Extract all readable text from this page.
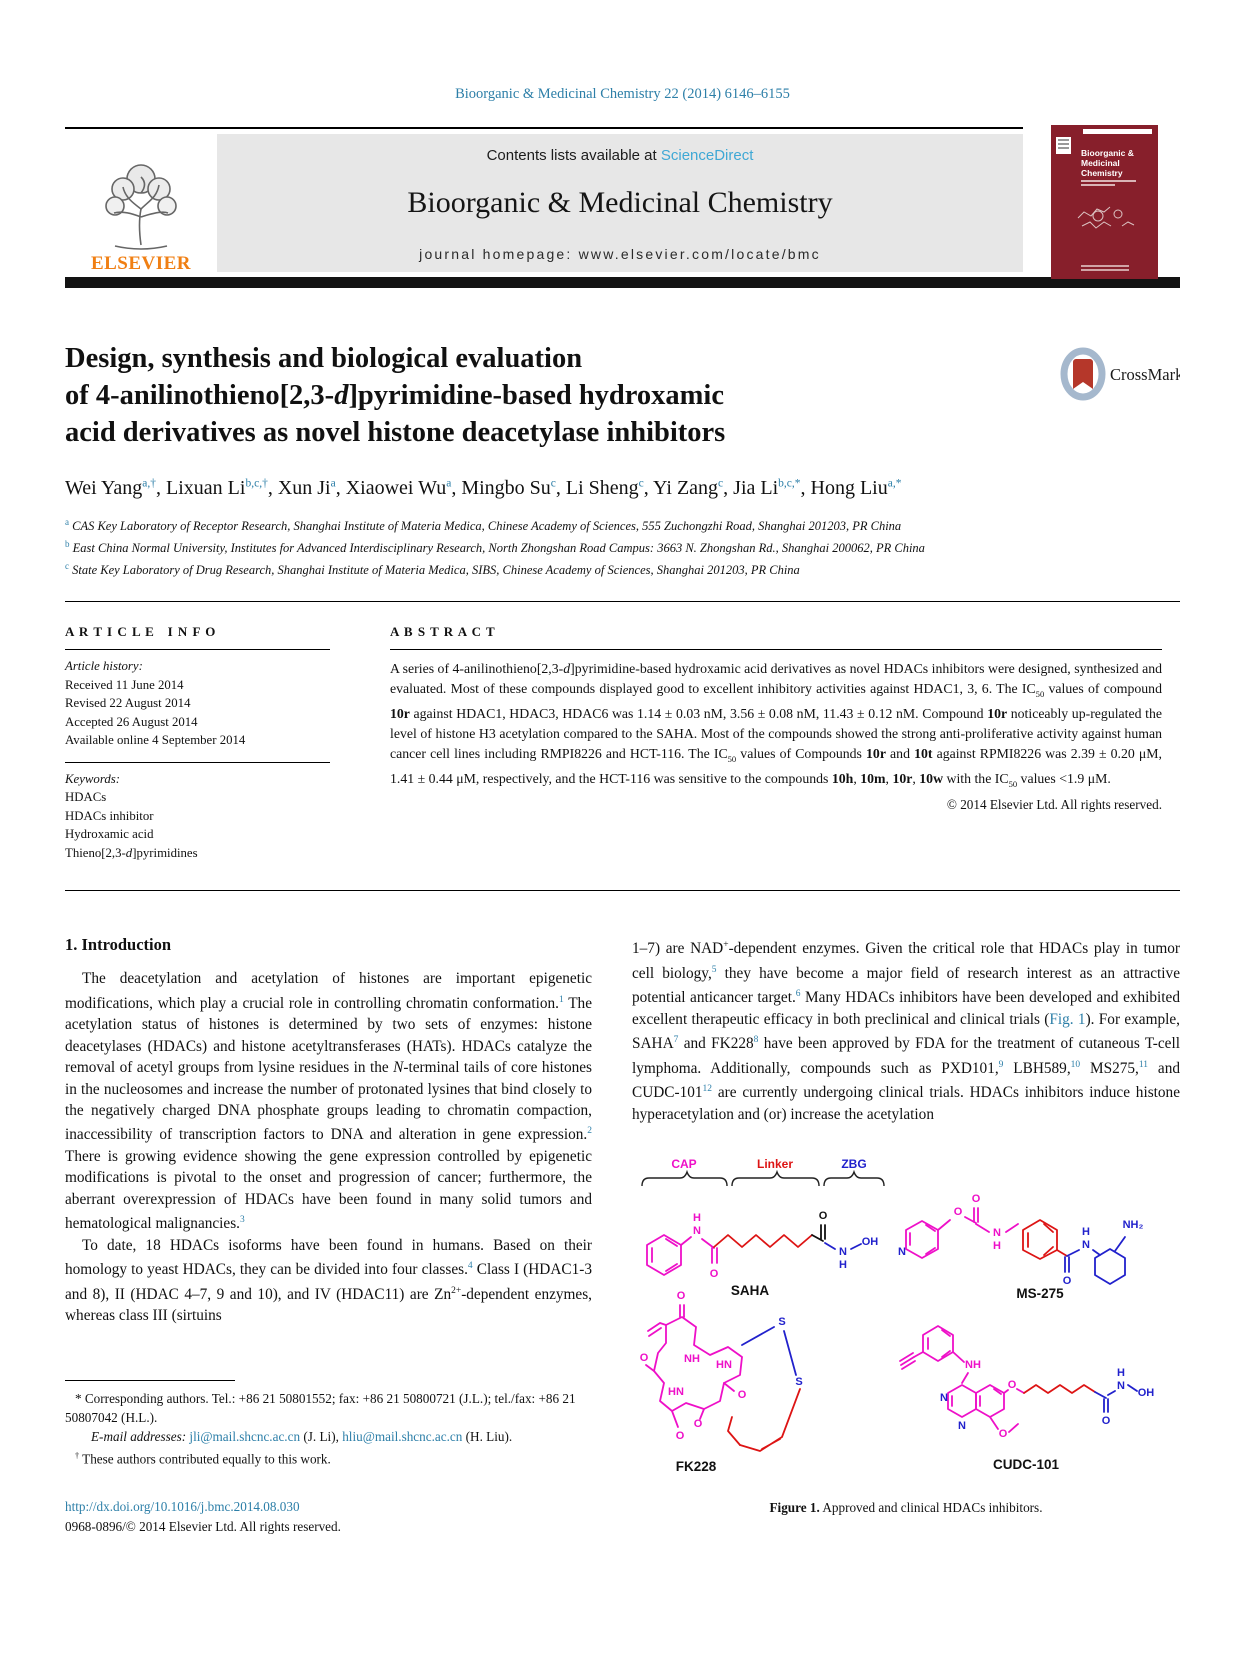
Bioorganic & Medicinal Chemistry 22 (2014) 6146–6155
ELSEVIER
Contents lists available at ScienceDirect
Bioorganic & Medicinal Chemistry
journal homepage: www.elsevier.com/locate/bmc
Bioorganic & Medicinal Chemistry
Design, synthesis and biological evaluation
of 4-anilinothieno[2,3-d]pyrimidine-based hydroxamic
acid derivatives as novel histone deacetylase inhibitors
CrossMark
Wei Yang$^{a,\dagger}$, Lixuan $Li^{b,c,\dagger}$, Xun Ji$^a$, Xiaowei Wu$^a$, Mingbo Su$^c$, Li Sheng$^c$, Yi Zang$^c$, Jia $Li^{b,c,*}$, Hong Liu$^{a,*}$
$^a$ CAS Key Laboratory of Receptor Research, Shanghai Institute of Materia Medica, Chinese Academy of Sciences, 555 Zuchongzhi Road, Shanghai 201203, PR China
$^b$ East China Normal University, Institutes for Advanced Interdisciplinary Research, North Zhongshan Road Campus: 3663 N. Zhongshan Rd., Shanghai 200062, PR China
$^c$ State Key Laboratory of Drug Research, Shanghai Institute of Materia Medica, SIBS, Chinese Academy of Sciences, Shanghai 201203, PR China
A R T I C L E   I N F O
Article history:
Received 11 June 2014
Revised 22 August 2014
Accepted 26 August 2014
Available online 4 September 2014
Keywords:
HDACs
HDACs inhibitor
Hydroxamic acid
Thieno[2,3-d]pyrimidines
A B S T R A C T
A series of 4-anilinothieno[2,3-d]pyrimidine-based hydroxamic acid derivatives as novel HDACs inhibitors were designed, synthesized and evaluated. Most of these compounds displayed good to excellent inhibitory activities against HDAC1, 3, 6. The $IC_{50}$ values of compound 10r against HDAC1, HDAC3, HDAC6 was 1.14 ± 0.03 nM, 3.56 ± 0.08 nM, 11.43 ± 0.12 nM. Compound 10r noticeably up-regulated the level of histone H3 acetylation compared to the SAHA. Most of the compounds showed the strong anti-proliferative activity against human cancer cell lines including RMPI8226 and HCT-116. The $IC_{50}$ values of Compounds 10r and 10t against RPMI8226 was 2.39 ± 0.20 μM, 1.41 ± 0.44 μM, respectively, and the HCT-116 was sensitive to the compounds 10h, 10m, 10r, 10w with the $IC_{50}$ values <1.9 μM.
© 2014 Elsevier Ltd. All rights reserved.
1. Introduction

The deacetylation and acetylation of histones are important epigenetic modifications, which play a crucial role in controlling chromatin conformation.$^1$ The acetylation status of histones is determined by two sets of enzymes: histone deacetylases (HDACs) and histone acetyltransferases (HATs). HDACs catalyze the removal of acetyl groups from lysine residues in the N-terminal tails of core histones in the nucleosomes and increase the number of protonated lysines that bind closely to the negatively charged DNA phosphate groups leading to chromatin compaction, inaccessibility of transcription factors to DNA and alteration in gene expression.$^2$ There is growing evidence showing the gene expression controlled by epigenetic modifications is pivotal to the onset and progression of cancer; furthermore, the aberrant overexpression of HDACs have been found in many solid tumors and hematological malignancies.$^3$

To date, 18 HDACs isoforms have been found in humans. Based on their homology to yeast HDACs, they can be divided into four classes.$^4$ Class I (HDAC1-3 and 8), II (HDAC 4–7, 9 and 10), and IV (HDAC11) are $Zn^{2+}$-dependent enzymes, whereas class III (sirtuins

* Corresponding authors. Tel.: +86 21 50801552; fax: +86 21 50800721 (J.L.); tel./fax: +86 21 50807042 (H.L.).
E-mail addresses: jli@mail.shcnc.ac.cn (J. Li), hliu@mail.shcnc.ac.cn (H. Liu).
† These authors contributed equally to this work.
http://dx.doi.org/10.1016/j.bmc.2014.08.030
0968-0896/© 2014 Elsevier Ltd. All rights reserved.

1–7) are NAD+-dependent enzymes. Given the critical role that HDACs play in tumor cell biology,$^5$ they have become a major field of research interest as an attractive potential anticancer target.$^6$ Many HDACs inhibitors have been developed and exhibited excellent therapeutic efficacy in both preclinical and clinical trials (Fig. 1). For example, SAHA$^7$ and FK228$^8$ have been approved by FDA for the treatment of cutaneous T-cell lymphoma. Additionally, compounds such as PXD101,$^9$ LBH589,10 MS275,11 and CUDC-101$^{12}$ are currently undergoing clinical trials. HDACs inhibitors induce histone hyperacetylation and (or) increase the acetylation

CAP	Linker	ZBG
SAHA	MS-275
FK228	CUDC-101
H
N
O
O
N
H
OH
N
O
O
N
H
O
H
N
NH₂
O
NH HN
O
HN
O
O
O
S
S
NH
N
N
O
O
H
N
OH
O
Figure 1. Approved and clinical HDACs inhibitors.
